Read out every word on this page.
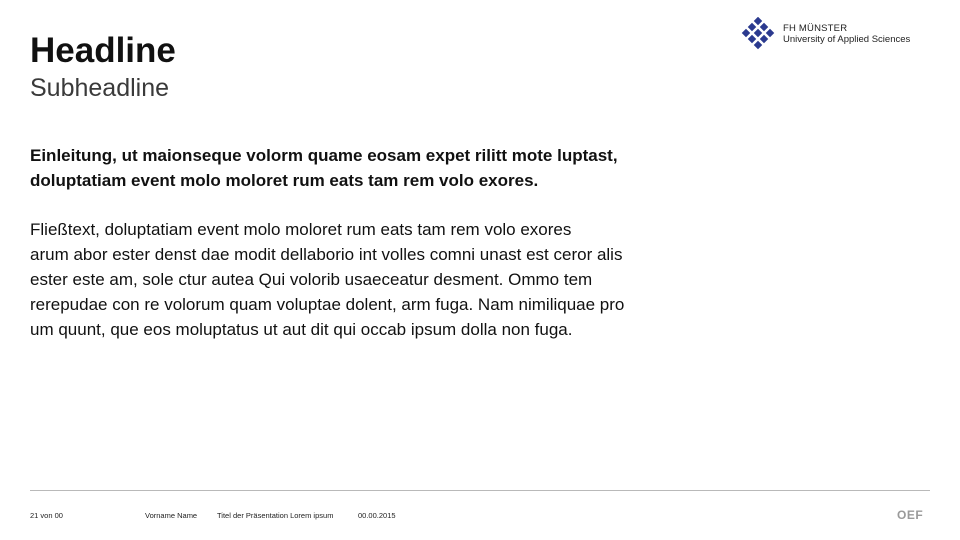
Headline
Subheadline
FH MÜNSTER
University of Applied Sciences
Einleitung, ut maionseque volorm quame eosam expet rilitt mote luptast,
doluptatiam event molo moloret rum eats tam rem volo exores.
Fließtext, doluptatiam event molo moloret rum eats tam rem volo exores
arum abor ester denst dae modit dellaborio int volles comni unast est ceror alis
ester este am, sole ctur autea Qui volorib usaeceatur desment. Ommo tem
rerepudae con re volorum quam voluptae dolent, arm fuga. Nam nimiliquae pro
um quunt, que eos moluptatus ut aut dit qui occab ipsum dolla non fuga.
21 von 00	Vorname Name	Titel der Präsentation Lorem ipsum	00.00.2015	OEF
